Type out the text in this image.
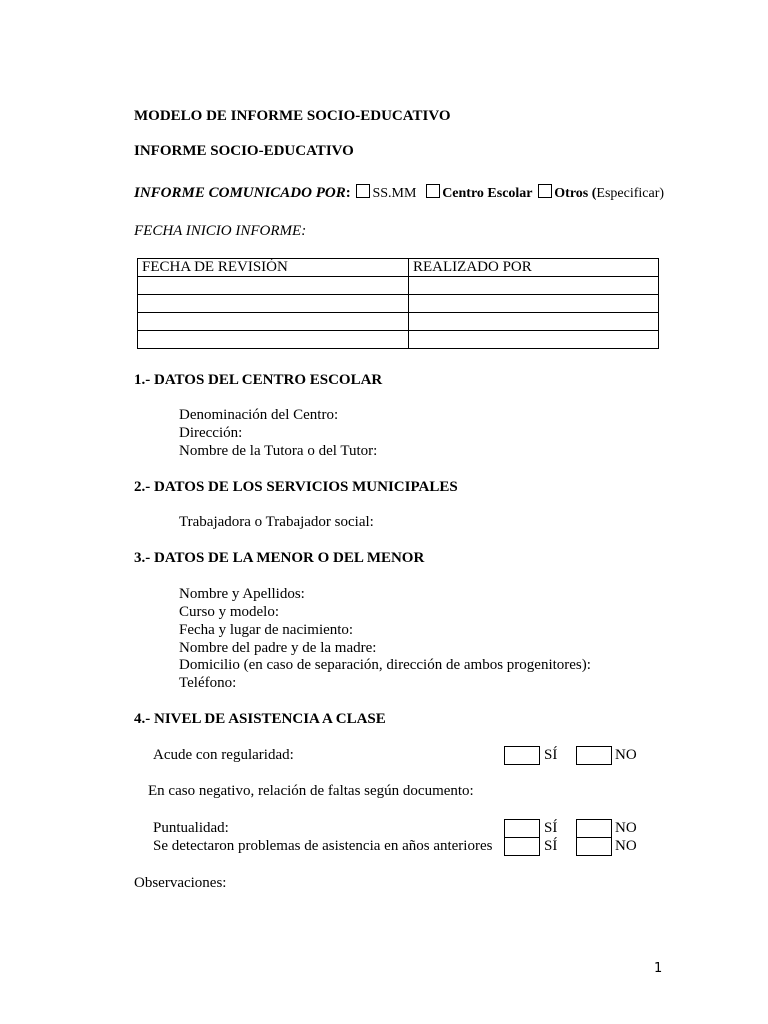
MODELO DE INFORME SOCIO-EDUCATIVO
INFORME SOCIO-EDUCATIVO
INFORME COMUNICADO POR: SS.MM Centro Escolar Otros (Especificar)
FECHA INICIO INFORME:
FECHA DE REVISIÓN	REALIZADO POR

1.- DATOS DEL CENTRO ESCOLAR
Denominación del Centro:
Dirección:
Nombre de la Tutora o del Tutor:
2.- DATOS DE LOS SERVICIOS MUNICIPALES
Trabajadora o Trabajador social:
3.- DATOS DE LA MENOR O DEL MENOR
Nombre y Apellidos:
Curso y modelo:
Fecha y lugar de nacimiento:
Nombre del padre y de la madre:
Domicilio (en caso de separación, dirección de ambos progenitores):
Teléfono:
4.- NIVEL DE ASISTENCIA A CLASE
Acude con regularidad:	SÍ	NO
En caso negativo, relación de faltas según documento:
Puntualidad:	SÍ	NO
Se detectaron problemas de asistencia en años anteriores	SÍ	NO
Observaciones:
1
